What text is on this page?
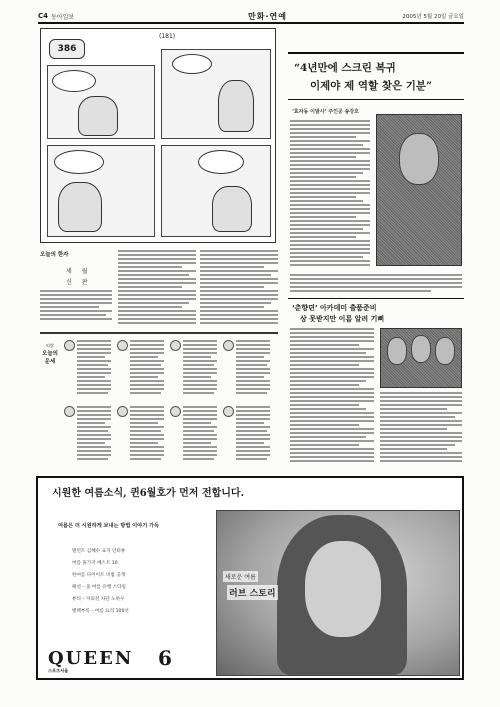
C4 동아일보	만화·연예	2005년 5월 20일 금요일
386
(181)
오늘의 한자
세 월
신 판
띠별
오늘의 운세
“4년만에 스크린 복귀
이제야 제 역할 찾은 기분”
‘효자동 이발사’ 주인공 송강호
‘춘향뎐’ 아카데미 출품준비
상 못받지만 이름 알려 기뻐
시원한 여름소식, 퀸6월호가 먼저 전합니다.
여름은 더 시원하게 보내는 방법 이야기 가득
탤런트 김혜수 표지 인터뷰
여름 휴가지 베스트 10
한여름 다이어트 비법 공개
패션 – 올 여름 유행 스타일
뷰티 – 자외선 차단 노하우
별책부록 – 여름 요리 100선
QUEEN 6
스포츠서울
새로운 여름
러브 스토리
